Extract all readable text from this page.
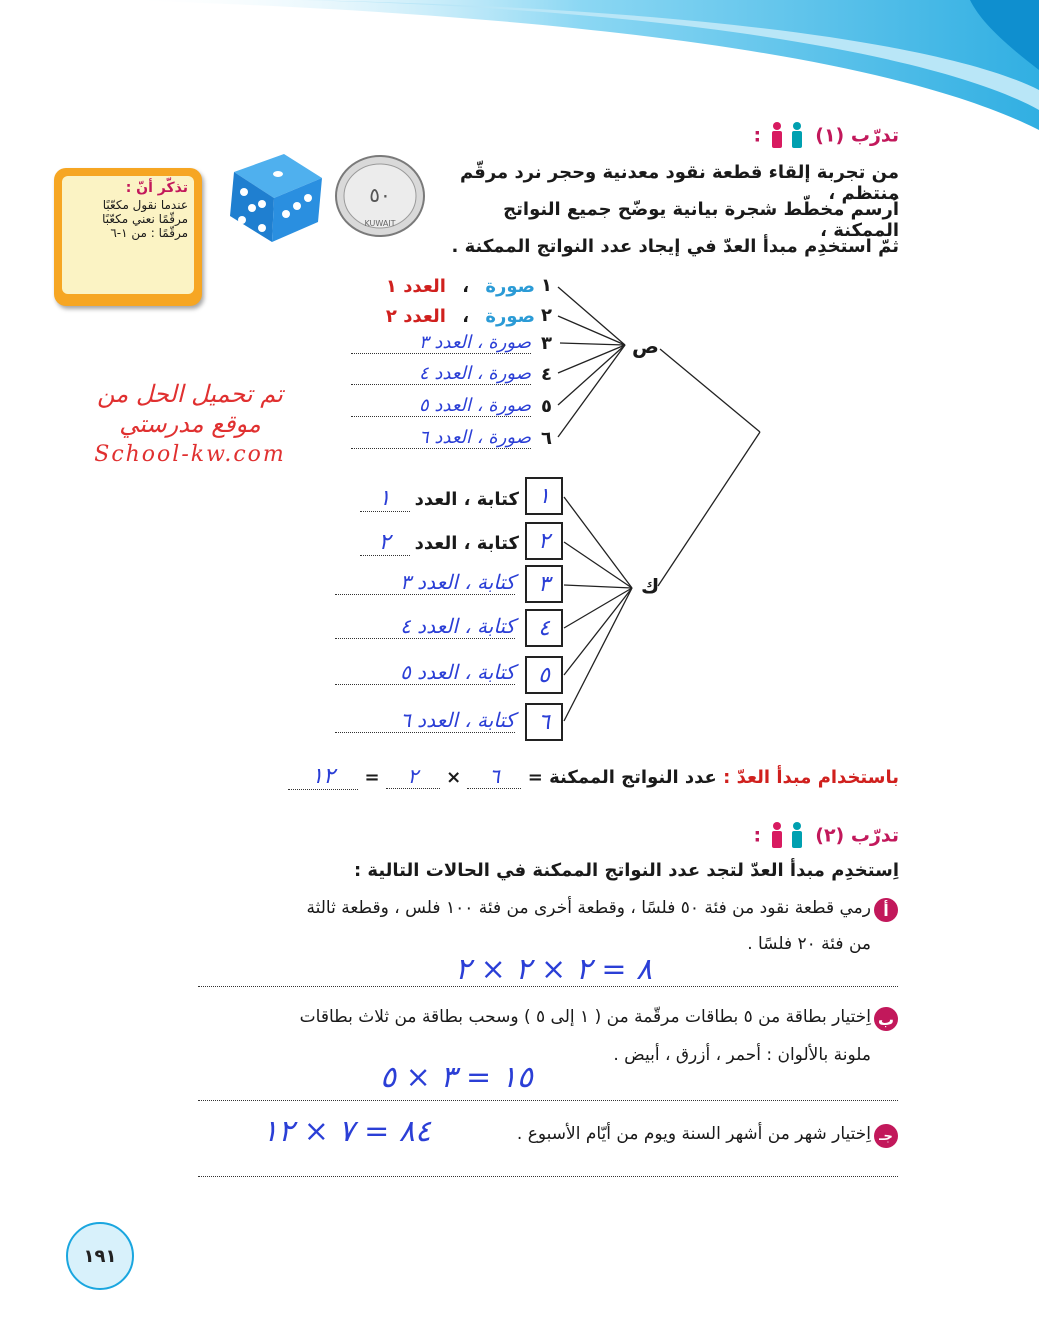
تدرّب (١)  :
من تجربة إلقاء قطعة نقود معدنية وحجر نرد مرقّم منتظم ،
اُرسم مخطّط شجرة بيانية يوضّح جميع النواتج الممكنة ،
ثمّ استخدِم مبدأ العدّ في إيجاد عدد النواتج الممكنة .
٥٠
KUWAIT
تذكّر أنّ :
عندما نقول مكعّبًا
مرقّمًا نعني مكعّبًا
مرقّمًا : من ١-٦
تم تحميل الحل من
موقع مدرستي
School-kw.com
ص
ك
١
٢
٣
٤
٥
٦
صورة ، العدد ١
صورة ، العدد ٢
صورة ، العدد ٣
صورة ، العدد ٤
صورة ، العدد ٥
صورة ، العدد ٦
١
٢
٣
٤
٥
٦
كتابة ، العدد ١
كتابة ، العدد ٢
كتابة ، العدد ٣
كتابة ، العدد ٤
كتابة ، العدد ٥
كتابة ، العدد ٦
باستخدام مبدأ العدّ : عدد النواتج الممكنة = ٦ × ٢ = ١٢
تدرّب (٢)  :
اِستخدِم مبدأ العدّ لتجد عدد النواتج الممكنة في الحالات التالية :
أ
رمي قطعة نقود من فئة ٥٠ فلسًا ، وقطعة أخرى من فئة ١٠٠ فلس ، وقطعة ثالثة
من فئة ٢٠ فلسًا .
٨ = ٢ × ٢ × ٢
ب
اِختيار بطاقة من ٥ بطاقات مرقّمة من ( ١ إلى ٥ ) وسحب بطاقة من ثلاث بطاقات
ملونة بالألوان : أحمر ، أزرق ، أبيض .
١٥ = ٣ × ٥
جـ
اِختيار شهر من أشهر السنة ويوم من أيّام الأسبوع .
٨٤ = ٧ × ١٢
١٩١
